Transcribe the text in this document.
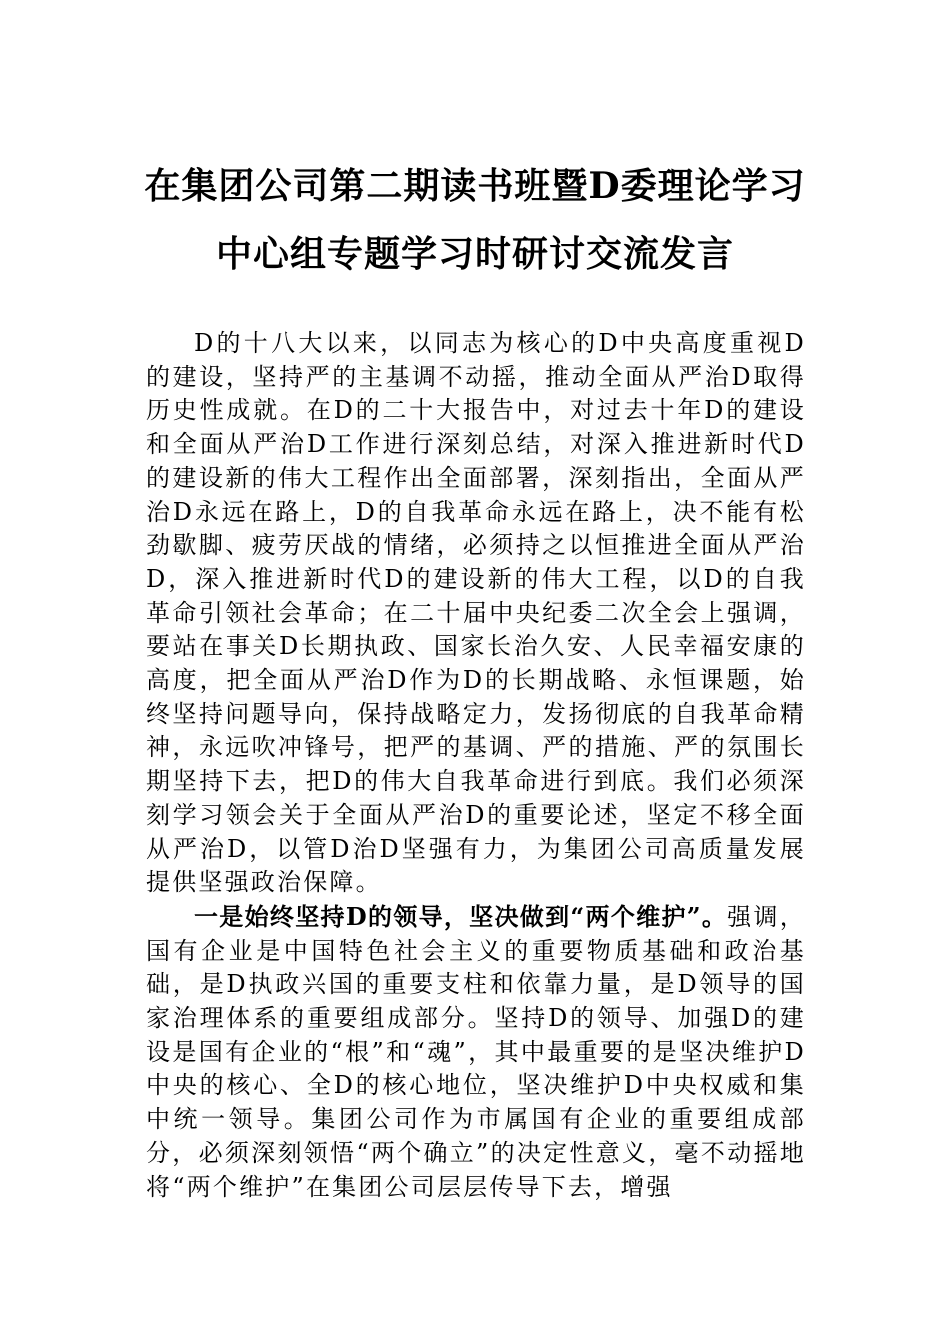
在集团公司第二期读书班暨D委理论学习
中心组专题学习时研讨交流发言

D的十八大以来，以同志为核心的D中央高度重视D的建设，坚持严的主基调不动摇，推动全面从严治D取得历史性成就。在D的二十大报告中，对过去十年D的建设和全面从严治D工作进行深刻总结，对深入推进新时代D的建设新的伟大工程作出全面部署，深刻指出，全面从严治D永远在路上，D的自我革命永远在路上，决不能有松劲歇脚、疲劳厌战的情绪，必须持之以恒推进全面从严治D，深入推进新时代D的建设新的伟大工程，以D的自我革命引领社会革命；在二十届中央纪委二次全会上强调，要站在事关D长期执政、国家长治久安、人民幸福安康的高度，把全面从严治D作为D的长期战略、永恒课题，始终坚持问题导向，保持战略定力，发扬彻底的自我革命精神，永远吹冲锋号，把严的基调、严的措施、严的氛围长期坚持下去，把D的伟大自我革命进行到底。我们必须深刻学习领会关于全面从严治D的重要论述，坚定不移全面从严治D，以管D治D坚强有力，为集团公司高质量发展提供坚强政治保障。

一是始终坚持D的领导，坚决做到“两个维护”。强调，国有企业是中国特色社会主义的重要物质基础和政治基础，是D执政兴国的重要支柱和依靠力量，是D领导的国家治理体系的重要组成部分。坚持D的领导、加强D的建设是国有企业的“根”和“魂”，其中最重要的是坚决维护D中央的核心、全D的核心地位，坚决维护D中央权威和集中统一领导。集团公司作为市属国有企业的重要组成部分，必须深刻领悟“两个确立”的决定性意义，毫不动摇地将“两个维护”在集团公司层层传导下去，增强
